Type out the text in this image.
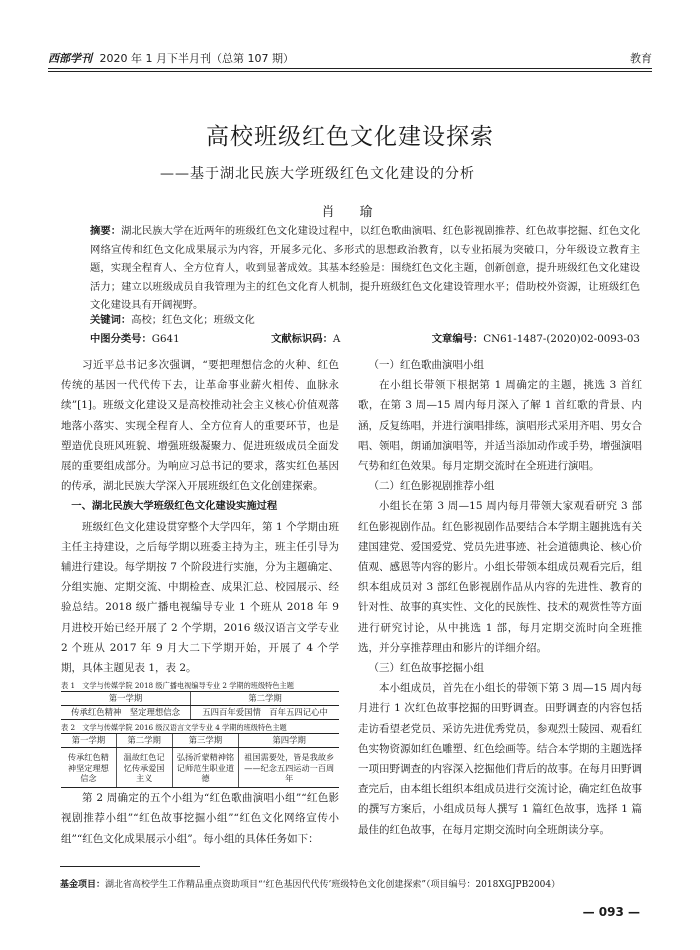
西部学刊 2020 年 1 月下半月刊（总第 107 期）	教育
高校班级红色文化建设探索
——基于湖北民族大学班级红色文化建设的分析
肖　瑜
摘要：湖北民族大学在近两年的班级红色文化建设过程中，以红色歌曲演唱、红色影视剧推荐、红色故事挖掘、红色文化网络宣传和红色文化成果展示为内容，开展多元化、多形式的思想政治教育，以专业拓展为突破口，分年级设立教育主题，实现全程育人、全方位育人，收到显著成效。其基本经验是：围绕红色文化主题，创新创意，提升班级红色文化建设活力；建立以班级成员自我管理为主的红色文化育人机制，提升班级红色文化建设管理水平；借助校外资源，让班级红色文化建设具有开阔视野。
关键词：高校；红色文化；班级文化
中图分类号：G641	文献标识码：A	文章编号：CN61-1487-(2020)02-0093-03

习近平总书记多次强调，“要把理想信念的火种、红色传统的基因一代代传下去，让革命事业薪火相传、血脉永续”[1]。班级文化建设又是高校推动社会主义核心价值观落地落小落实、实现全程育人、全方位育人的重要环节，也是塑造优良班风班貌、增强班级凝聚力、促进班级成员全面发展的重要组成部分。为响应习总书记的要求，落实红色基因的传承，湖北民族大学深入开展班级红色文化创建探索。

一、湖北民族大学班级红色文化建设实施过程

班级红色文化建设贯穿整个大学四年，第 1 个学期由班主任主持建设，之后每学期以班委主持为主，班主任引导为辅进行建设。每学期按 7 个阶段进行实施，分为主题确定、分组实施、定期交流、中期检查、成果汇总、校园展示、经验总结。2018 级广播电视编导专业 1 个班从 2018 年 9 月进校开始已经开展了 2 个学期，2016 级汉语言文学专业 2 个班从 2017 年 9 月大二下学期开始，开展了 4 个学期，具体主题见表 1，表 2。

表 1　文学与传媒学院 2018 级广播电视编导专业 2 学期的班级特色主题

第一学期	第二学期
传承红色精神　坚定理想信念	五四百年爱国情　百年五四记心中

表 2　文学与传媒学院 2016 级汉语言文学专业 4 学期的班级特色主题

第一学期	第二学期	第三学期	第四学期
传承红色精神坚定理想信念	温故红色记忆传承爱国主义	弘扬沂蒙精神铭记师范生职业道德	祖国需要处，皆是我故乡——纪念五四运动一百周年

第 2 周确定的五个小组为“红色歌曲演唱小组”“红色影视剧推荐小组”“红色故事挖掘小组”“红色文化网络宣传小组”“红色文化成果展示小组”。每小组的具体任务如下：

（一）红色歌曲演唱小组

在小组长带领下根据第 1 周确定的主题，挑选 3 首红歌，在第 3 周—15 周内每月深入了解 1 首红歌的背景、内涵，反复练唱，并进行演唱排练，演唱形式采用齐唱、男女合唱、领唱，朗诵加演唱等，并适当添加动作或手势，增强演唱气势和红色效果。每月定期交流时在全班进行演唱。

（二）红色影视剧推荐小组

小组长在第 3 周—15 周内每月带领大家观看研究 3 部红色影视剧作品。红色影视剧作品要结合本学期主题挑选有关建国建党、爱国爱党、党员先进事迹、社会道德典论、核心价值观、感恩等内容的影片。小组长带领本组成员观看完后，组织本组成员对 3 部红色影视剧作品从内容的先进性、教育的针对性、故事的真实性、文化的民族性、技术的观赏性等方面进行研究讨论，从中挑选 1 部，每月定期交流时向全班推选，并分享推荐理由和影片的详细介绍。

（三）红色故事挖掘小组

本小组成员，首先在小组长的带领下第 3 周—15 周内每月进行 1 次红色故事挖掘的田野调查。田野调查的内容包括走访看望老党员、采访先进优秀党员，参观烈士陵园、观看红色实物资源如红色雕塑、红色绘画等。结合本学期的主题选择一项田野调查的内容深入挖掘他们背后的故事。在每月田野调查完后，由本组长组织本组成员进行交流讨论，确定红色故事的撰写方案后，小组成员每人撰写 1 篇红色故事，选择 1 篇最佳的红色故事，在每月定期交流时向全班朗读分享。

基金项目：湖北省高校学生工作精品重点资助项目“‘红色基因代代传’班级特色文化创建探索”（项目编号：2018XGJPB2004）
— 093 —
